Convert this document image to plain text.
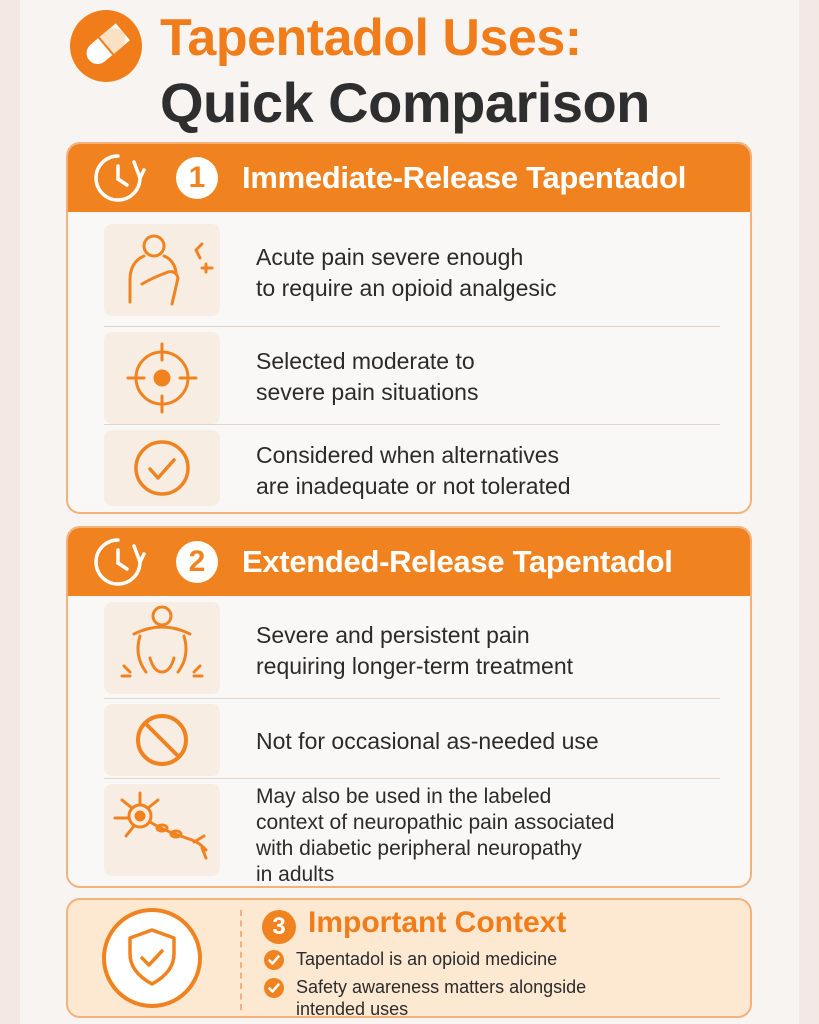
Tapentadol Uses:
Quick Comparison
1	Immediate-Release Tapentadol
Acute pain severe enough
to require an opioid analgesic
Selected moderate to
severe pain situations
Considered when alternatives
are inadequate or not tolerated
2	Extended-Release Tapentadol
Severe and persistent pain
requiring longer-term treatment
Not for occasional as-needed use
May also be used in the labeled
context of neuropathic pain associated
with diabetic peripheral neuropathy
in adults
3 Important Context
Tapentadol is an opioid medicine
Safety awareness matters alongside
intended uses
